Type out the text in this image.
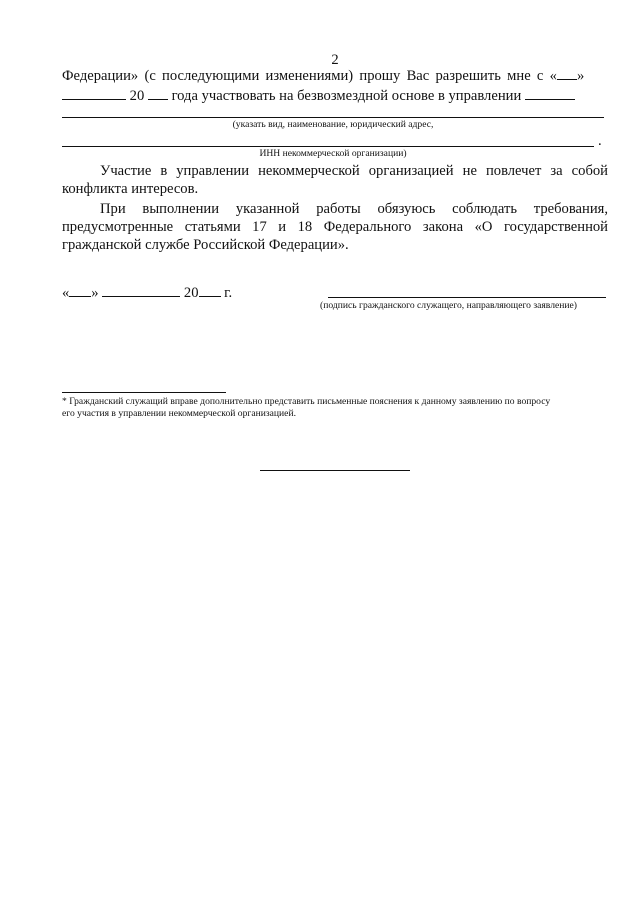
2
Федерации» (с последующими изменениями) прошу Вас разрешить мне с « »
20 года участвовать на безвозмездной основе в управлении
(указать вид, наименование, юридический адрес,
.
ИНН некоммерческой организации)
Участие в управлении некоммерческой организацией не повлечет за собой
конфликта интересов.
При выполнении указанной работы обязуюсь соблюдать требования,
предусмотренные статьями 17 и 18 Федерального закона «О государственной
гражданской службе Российской Федерации».
« »	20 г.
(подпись гражданского служащего, направляющего заявление)
* Гражданский служащий вправе дополнительно представить письменные пояснения к данному заявлению по вопросу
его участия в управлении некоммерческой организацией.
